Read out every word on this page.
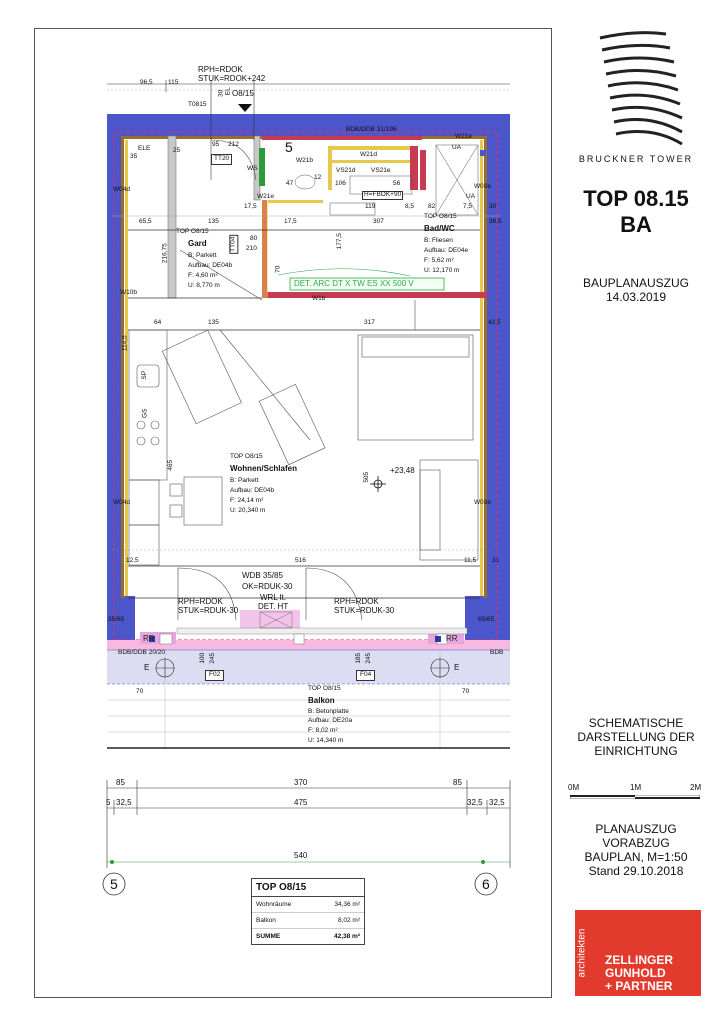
RPH=RDOK
STUK=RDOK+242
96,5 115
30 EL
T0815
O8/15
BDB/DDB 31/196
TT20
95 212
ELE
35
25	5
WS
W04d
W04d
W10b
W03e
W03e
W1b
W21e
W21d
W21b
VS21d VS21e
W21e
UA
UA
H=FBOK+90
47
17,5
12
106	56
119	8,5 82	7,5	30
36,5
17,5
135
65,5
216,75
80
210
70
177,5
307
TT04
TOP O8/15
Gard
B: Parkett
Aufbau: DE04b
F: 4,60 m²
U: 8,770 m
TOP O8/15
Bad/WC
B: Fliesen
Aufbau: DE04e
F: 5,62 m²
U: 12,170 m
DET. ARC DT X TW ES XX 500 V
64	135	317	42,5
114,5
465
505
12,5	516	11,5 31
TOP O8/15
Wohnen/Schlafen
B: Parkett
Aufbau: DE04b
F: 24,14 m²
U: 20,340 m
+23,48
SP
GS
RPH=RDOK
STUK=RDUK-30
WDB 35/85
OK=RDUK-30
WRL lt.
DET. HT
RPH=RDOK
STUK=RDUK-30
35/65	65/65
RR	RR
BDB/DDB 20/20	BDB
F02	F04
100 245	185 245
E	E
70	70
TOP O8/15
Balkon
B: Betonplatte
Aufbau: DE20a
F: 8,02 m²
U: 14,340 m
85	370	85
5 32,5	475	32,5 32,5
540
5	6
TOP O8/15
Wohnräume	34,36 m²
Balkon	8,02 m²
SUMME	42,38 m²
BRUCKNER TOWER
TOP 08.15
BA
BAUPLANAUSZUG
14.03.2019
SCHEMATISCHE
DARSTELLUNG DER
EINRICHTUNG
0M	1M	2M
PLANAUSZUG
VORABZUG
BAUPLAN, M=1:50
Stand 29.10.2018
architekten ZELLINGER
GUNHOLD
+ PARTNER
